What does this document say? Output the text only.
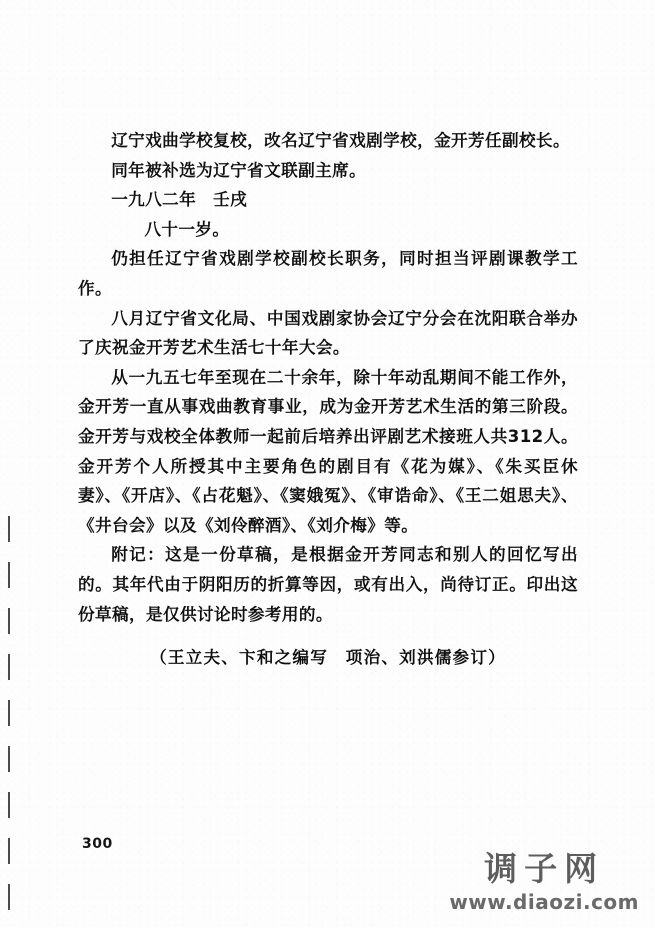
辽宁戏曲学校复校，改名辽宁省戏剧学校，金开芳任副校长。

同年被补选为辽宁省文联副主席。

一九八二年　壬戌

八十一岁。

仍担任辽宁省戏剧学校副校长职务，同时担当评剧课教学工作。

八月辽宁省文化局、中国戏剧家协会辽宁分会在沈阳联合举办了庆祝金开芳艺术生活七十年大会。

从一九五七年至现在二十余年，除十年动乱期间不能工作外，金开芳一直从事戏曲教育事业，成为金开芳艺术生活的第三阶段。金开芳与戏校全体教师一起前后培养出评剧艺术接班人共312人。金开芳个人所授其中主要角色的剧目有《花为媒》、《朱买臣休妻》、《开店》、《占花魁》、《窦娥冤》、《审诰命》、《王二姐思夫》、《井台会》以及《刘伶醉酒》、《刘介梅》等。

附记：这是一份草稿，是根据金开芳同志和别人的回忆写出的。其年代由于阴阳历的折算等因，或有出入，尚待订正。印出这份草稿，是仅供讨论时参考用的。

（王立夫、卞和之编写　项治、刘洪儒参订）
300
调子网
www.diaozi.com
